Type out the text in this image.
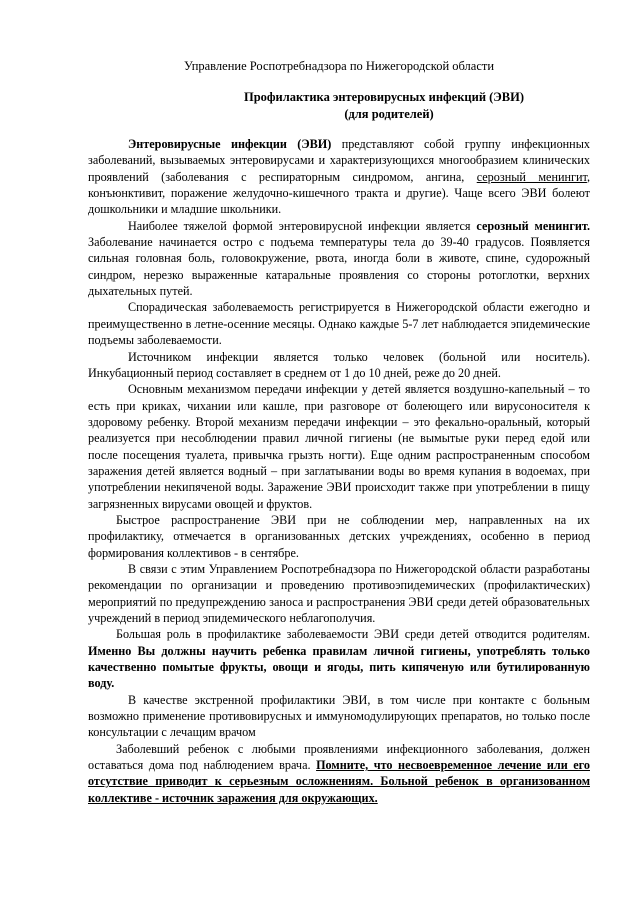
Управление Роспотребнадзора по Нижегородской области
Профилактика энтеровирусных инфекций (ЭВИ)
(для родителей)

Энтеровирусные инфекции (ЭВИ) представляют собой группу инфекционных заболеваний, вызываемых энтеровирусами и характеризующихся многообразием клинических проявлений (заболевания с респираторным синдромом, ангина, серозный менингит, конъюнктивит, поражение желудочно-кишечного тракта и другие). Чаще всего ЭВИ болеют дошкольники и младшие школьники.

Наиболее тяжелой формой энтеровирусной инфекции является серозный менингит. Заболевание начинается остро с подъема температуры тела до 39-40 градусов. Появляется сильная головная боль, головокружение, рвота, иногда боли в животе, спине, судорожный синдром, нерезко выраженные катаральные проявления со стороны ротоглотки, верхних дыхательных путей.

Спорадическая заболеваемость регистрируется в Нижегородской области ежегодно и преимущественно в летне-осенние месяцы. Однако каждые 5-7 лет наблюдается эпидемические подъемы заболеваемости.

Источником инфекции является только человек (больной или носитель). Инкубационный период составляет в среднем от 1 до 10 дней, реже до 20 дней.

Основным механизмом передачи инфекции у детей является воздушно-капельный – то есть при криках, чихании или кашле, при разговоре от болеющего или вирусоносителя к здоровому ребенку. Второй механизм передачи инфекции – это фекально-оральный, который реализуется при несоблюдении правил личной гигиены (не вымытые руки перед едой или после посещения туалета, привычка грызть ногти). Еще одним распространенным способом заражения детей является водный – при заглатывании воды во время купания в водоемах, при употреблении некипяченой воды. Заражение ЭВИ происходит также при употреблении в пищу загрязненных вирусами овощей и фруктов.

Быстрое распространение ЭВИ при не соблюдении мер, направленных на их профилактику, отмечается в организованных детских учреждениях, особенно в период формирования коллективов - в сентябре.

В связи с этим Управлением Роспотребнадзора по Нижегородской области разработаны рекомендации по организации и проведению противоэпидемических (профилактических) мероприятий по предупреждению заноса и распространения ЭВИ среди детей образовательных учреждений в период эпидемического неблагополучия.

Большая роль в профилактике заболеваемости ЭВИ среди детей отводится родителям. Именно Вы должны научить ребенка правилам личной гигиены, употреблять только качественно помытые фрукты, овощи и ягоды, пить кипяченую или бутилированную воду.

В качестве экстренной профилактики ЭВИ, в том числе при контакте с больным возможно применение противовирусных и иммуномодулирующих препаратов, но только после консультации с лечащим врачом

Заболевший ребенок с любыми проявлениями инфекционного заболевания, должен оставаться дома под наблюдением врача. Помните, что несвоевременное лечение или его отсутствие приводит к серьезным осложнениям. Больной ребенок в организованном коллективе - источник заражения для окружающих.
